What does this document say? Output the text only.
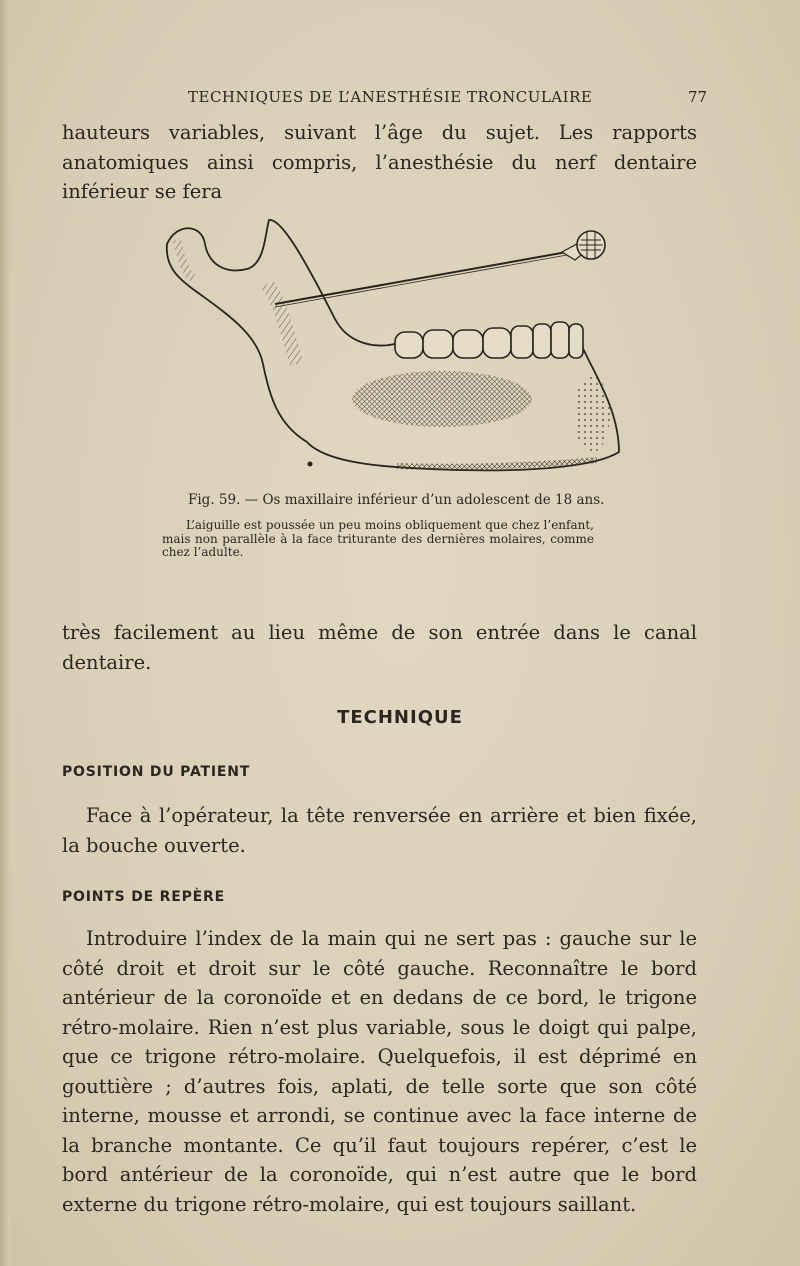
TECHNIQUES DE L’ANESTHÉSIE TRONCULAIRE	77
hauteurs variables, suivant l’âge du sujet. Les rapports anatomiques ainsi compris, l’anesthésie du nerf dentaire inférieur se fera
Fig. 59. — Os maxillaire inférieur d’un adolescent de 18 ans.
L’aiguille est poussée un peu moins obliquement que chez l’enfant, mais non parallèle à la face triturante des dernières molaires, comme chez l’adulte.
très facilement au lieu même de son entrée dans le canal dentaire.
TECHNIQUE
POSITION DU PATIENT
Face à l’opérateur, la tête renversée en arrière et bien fixée, la bouche ouverte.
POINTS DE REPÈRE
Introduire l’index de la main qui ne sert pas : gauche sur le côté droit et droit sur le côté gauche. Reconnaître le bord antérieur de la coronoïde et en dedans de ce bord, le trigone rétro-molaire. Rien n’est plus variable, sous le doigt qui palpe, que ce trigone rétro-molaire. Quelquefois, il est déprimé en gouttière ; d’autres fois, aplati, de telle sorte que son côté interne, mousse et arrondi, se continue avec la face interne de la branche montante. Ce qu’il faut toujours repérer, c’est le bord antérieur de la coronoïde, qui n’est autre que le bord externe du trigone rétro-molaire, qui est toujours saillant.
